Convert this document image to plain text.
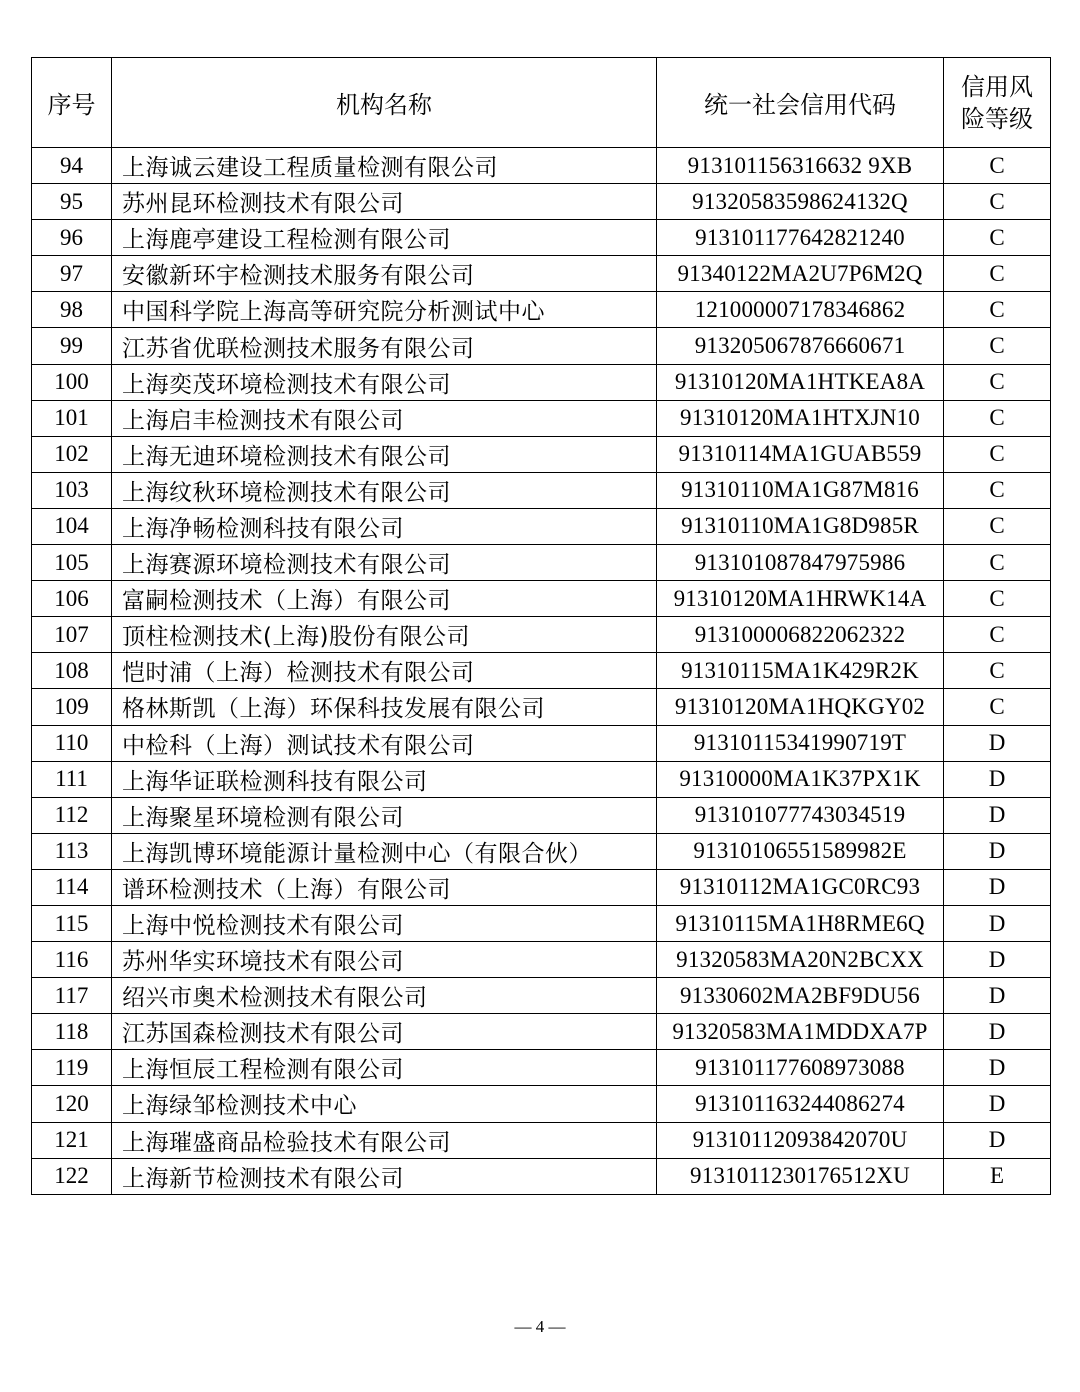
序号	机构名称	统一社会信用代码	信用风
险等级
94	上海诚云建设工程质量检测有限公司	913101156316632 9XB	C
95	苏州昆环检测技术有限公司	91320583598624132Q	C
96	上海鹿亭建设工程检测有限公司	913101177642821240	C
97	安徽新环宇检测技术服务有限公司	91340122MA2U7P6M2Q	C
98	中国科学院上海高等研究院分析测试中心	121000007178346862	C
99	江苏省优联检测技术服务有限公司	913205067876660671	C
100	上海奕茂环境检测技术有限公司	91310120MA1HTKEA8A	C
101	上海启丰检测技术有限公司	91310120MA1HTXJN10	C
102	上海无迪环境检测技术有限公司	91310114MA1GUAB559	C
103	上海纹秋环境检测技术有限公司	91310110MA1G87M816	C
104	上海净畅检测科技有限公司	91310110MA1G8D985R	C
105	上海赛源环境检测技术有限公司	913101087847975986	C
106	富嗣检测技术（上海）有限公司	91310120MA1HRWK14A	C
107	顶柱检测技术(上海)股份有限公司	913100006822062322	C
108	恺时浦（上海）检测技术有限公司	91310115MA1K429R2K	C
109	格林斯凯（上海）环保科技发展有限公司	91310120MA1HQKGY02	C
110	中检科（上海）测试技术有限公司	91310115341990719T	D
111	上海华证联检测科技有限公司	91310000MA1K37PX1K	D
112	上海聚星环境检测有限公司	913101077743034519	D
113	上海凯博环境能源计量检测中心（有限合伙）	91310106551589982E	D
114	谱环检测技术（上海）有限公司	91310112MA1GC0RC93	D
115	上海中悦检测技术有限公司	91310115MA1H8RME6Q	D
116	苏州华实环境技术有限公司	91320583MA20N2BCXX	D
117	绍兴市奥术检测技术有限公司	91330602MA2BF9DU56	D
118	江苏国森检测技术有限公司	91320583MA1MDDXA7P	D
119	上海恒辰工程检测有限公司	913101177608973088	D
120	上海绿邹检测技术中心	913101163244086274	D
121	上海璀盛商品检验技术有限公司	91310112093842070U	D
122	上海新节检测技术有限公司	9131011230176512XU	E
— 4 —
